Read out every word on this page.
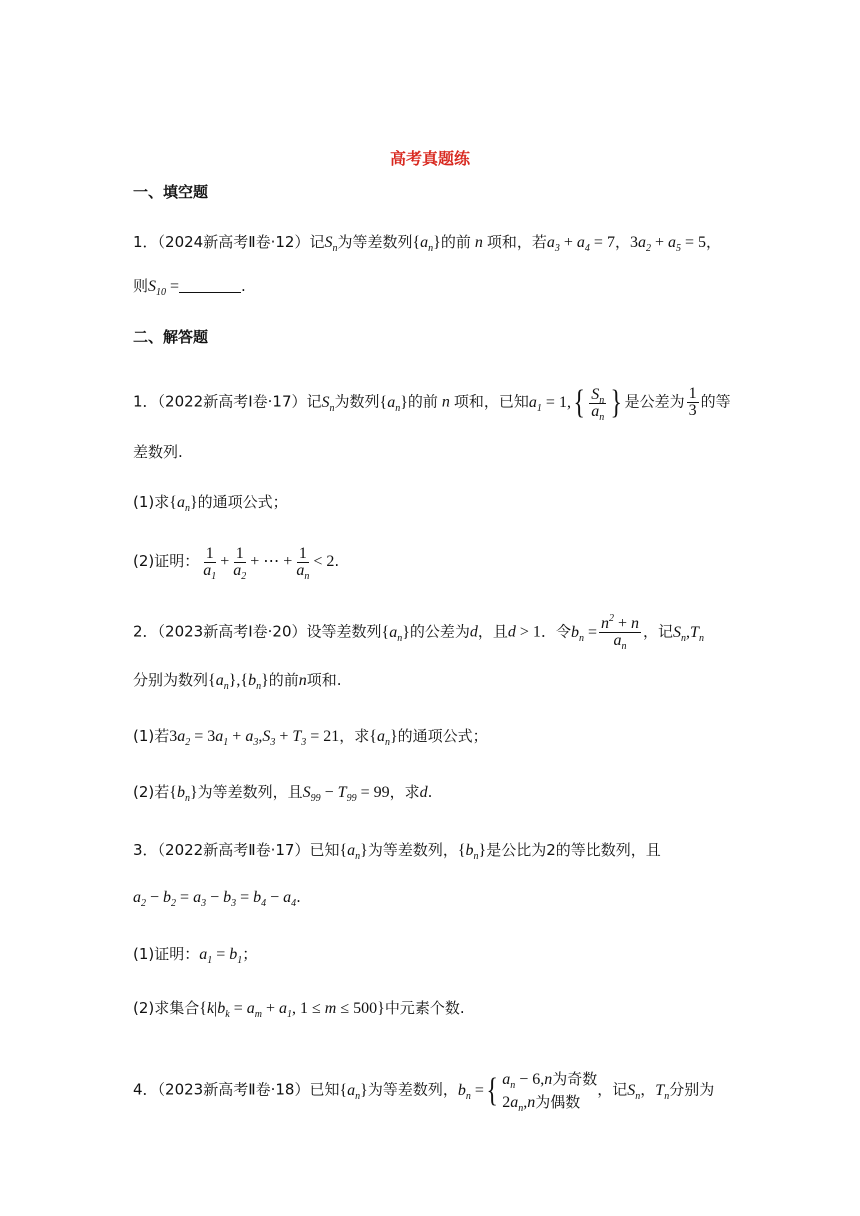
高考真题练
一、填空题
1．（2024新高考Ⅱ卷·12）记$S_n$为等差数列$\{a_n\}$的前 n 项和，若$a_3 + a_4 = 7$，$3a_2 + a_5 = 5$，
则$S_{10}$ =	.
二、解答题
1．（2022新高考Ⅰ卷·17）记$S_n$为数列$\{a_n\}$的前 n 项和，已知$a_1 = 1,\{ \frac{S_n}{a_n}$ } 是公差为 $\frac{1}{3}$ 的等
差数列.
(1)求$\{a_n\}$的通项公式；
(2)证明： $\frac{1}{a_1} + \frac{1}{a_2}$ + ⋯ + $\frac{1}{a_n} < 2$.
2．（2023新高考Ⅰ卷·20）设等差数列$\{a_n\}$的公差为d，且d > 1．令$b_n = \frac{n^2 + n}{a_n}$ ，记$S_n,T_n$
分别为数列$\{a_n\},\{b_n\}$的前n项和.
(1)若$3a_2 = 3a_1 + a_3,S_3 + T_3 = 21$，求$\{a_n\}$的通项公式；
(2)若$\{b_n\}$为等差数列，且$S_{99} - T_{99} = 99$，求d.
3．（2022新高考Ⅱ卷·17）已知$\{a_n\}$为等差数列，$\{b_n\}$是公比为2的等比数列，且
$a_2 - b_2 = a_3 - b_3 = b_4 - a_4$.
(1)证明：$a_1 = b_1$；
(2)求集合{$k|b_k = a_m + a_1$, 1 ≤ m ≤ 500}中元素个数.
4．（2023新高考Ⅱ卷·18）已知$\{a_n\}$为等差数列，$b_n$ ={ $a_n - 6,n$为奇数
$2a_n,n$为偶数
，记$S_n$，$T_n$分别为
